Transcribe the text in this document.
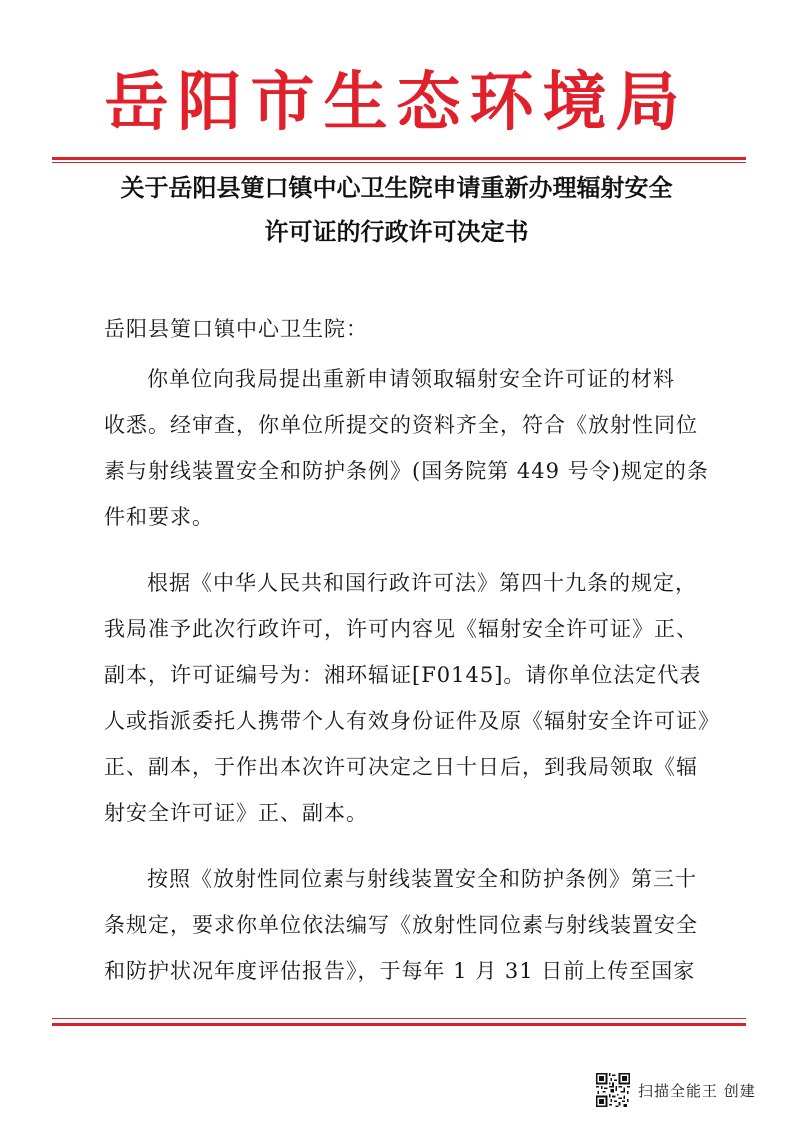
岳阳市生态环境局
关于岳阳县筻口镇中心卫生院申请重新办理辐射安全
许可证的行政许可决定书
岳阳县筻口镇中心卫生院：
你单位向我局提出重新申请领取辐射安全许可证的材料
收悉。经审查，你单位所提交的资料齐全，符合《放射性同位
素与射线装置安全和防护条例》(国务院第 449 号令)规定的条
件和要求。
根据《中华人民共和国行政许可法》第四十九条的规定，
我局准予此次行政许可，许可内容见《辐射安全许可证》正、
副本，许可证编号为：湘环辐证[F0145]。请你单位法定代表
人或指派委托人携带个人有效身份证件及原《辐射安全许可证》
正、副本，于作出本次许可决定之日十日后，到我局领取《辐
射安全许可证》正、副本。
按照《放射性同位素与射线装置安全和防护条例》第三十
条规定，要求你单位依法编写《放射性同位素与射线装置安全
和防护状况年度评估报告》，于每年 1 月 31 日前上传至国家
扫描全能王 创建
